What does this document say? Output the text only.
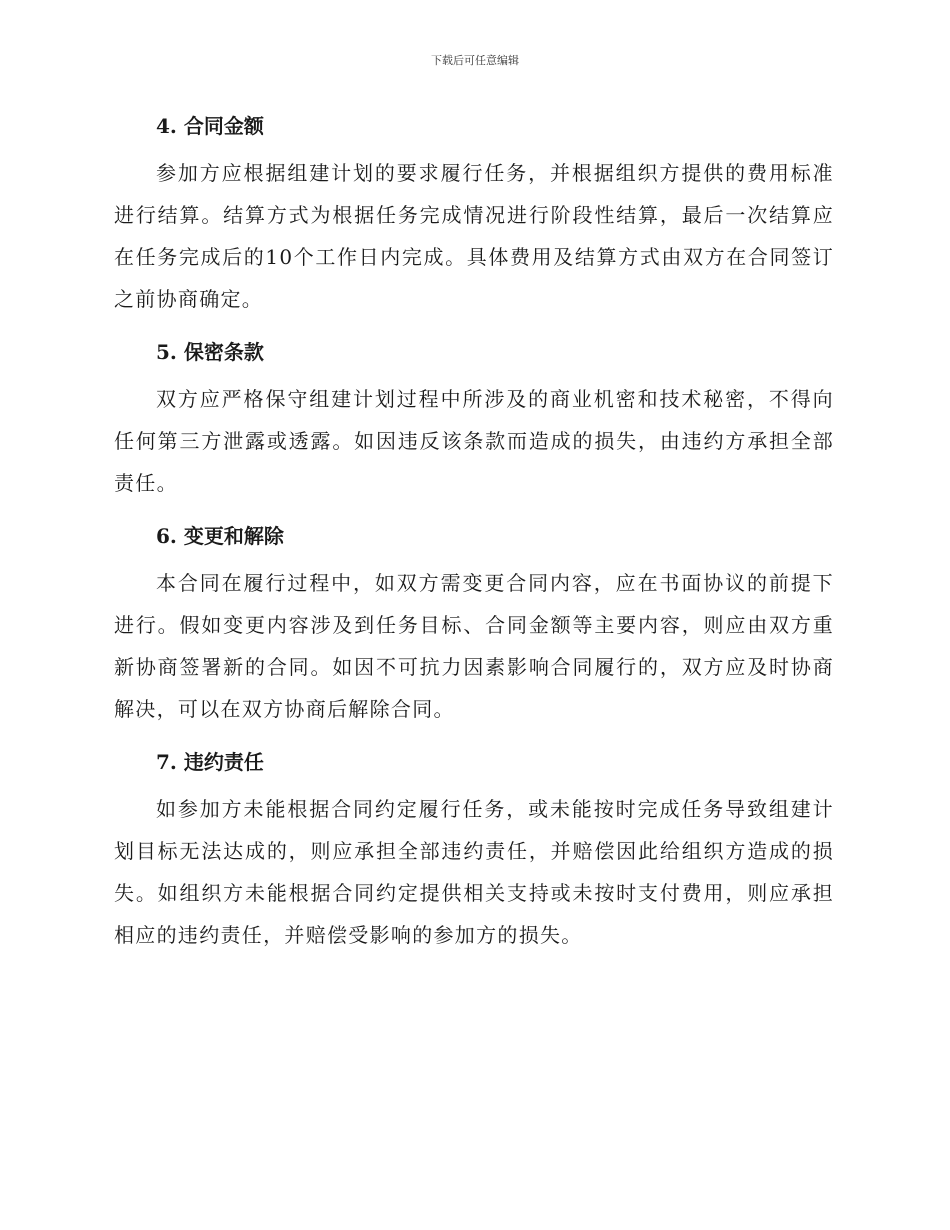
下载后可任意编辑
4. 合同金额

参加方应根据组建计划的要求履行任务，并根据组织方提供的费用标准进行结算。结算方式为根据任务完成情况进行阶段性结算，最后一次结算应在任务完成后的10个工作日内完成。具体费用及结算方式由双方在合同签订之前协商确定。

5. 保密条款

双方应严格保守组建计划过程中所涉及的商业机密和技术秘密，不得向任何第三方泄露或透露。如因违反该条款而造成的损失，由违约方承担全部责任。

6. 变更和解除

本合同在履行过程中，如双方需变更合同内容，应在书面协议的前提下进行。假如变更内容涉及到任务目标、合同金额等主要内容，则应由双方重新协商签署新的合同。如因不可抗力因素影响合同履行的，双方应及时协商解决，可以在双方协商后解除合同。

7. 违约责任

如参加方未能根据合同约定履行任务，或未能按时完成任务导致组建计划目标无法达成的，则应承担全部违约责任，并赔偿因此给组织方造成的损失。如组织方未能根据合同约定提供相关支持或未按时支付费用，则应承担相应的违约责任，并赔偿受影响的参加方的损失。
